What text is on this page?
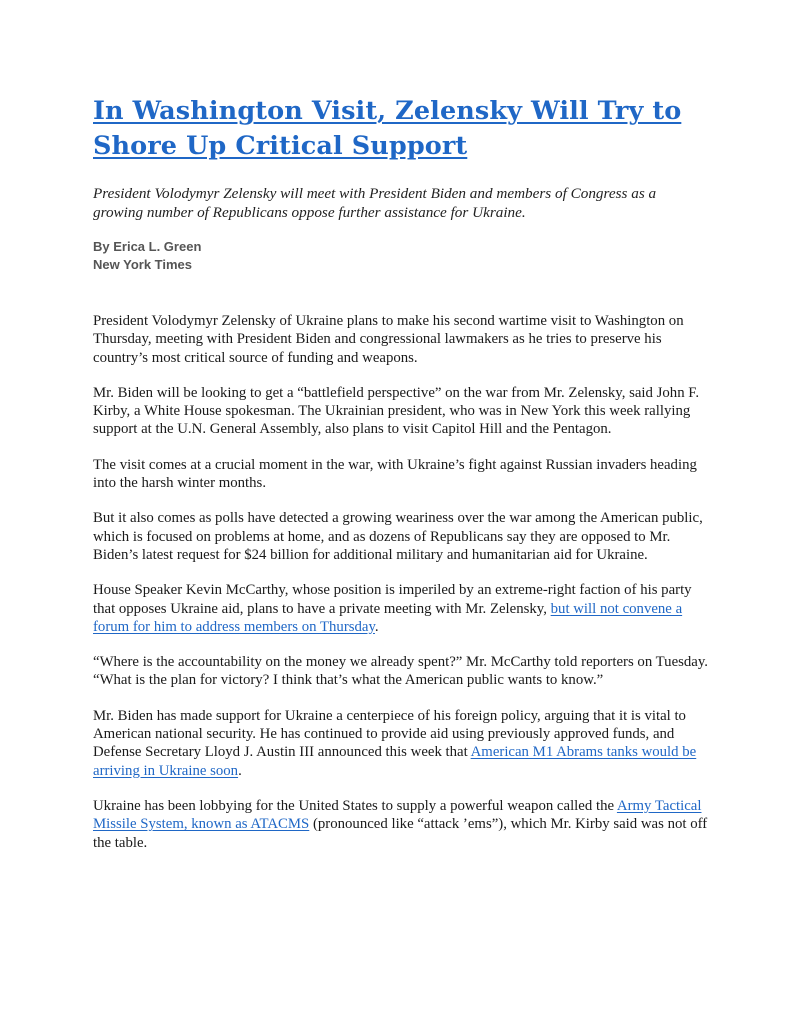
In Washington Visit, Zelensky Will Try to Shore Up Critical Support

President Volodymyr Zelensky will meet with President Biden and members of Congress as a growing number of Republicans oppose further assistance for Ukraine.

By Erica L. Green
New York Times

President Volodymyr Zelensky of Ukraine plans to make his second wartime visit to Washington on Thursday, meeting with President Biden and congressional lawmakers as he tries to preserve his country’s most critical source of funding and weapons.

Mr. Biden will be looking to get a “battlefield perspective” on the war from Mr. Zelensky, said John F. Kirby, a White House spokesman. The Ukrainian president, who was in New York this week rallying support at the U.N. General Assembly, also plans to visit Capitol Hill and the Pentagon.

The visit comes at a crucial moment in the war, with Ukraine’s fight against Russian invaders heading into the harsh winter months.

But it also comes as polls have detected a growing weariness over the war among the American public, which is focused on problems at home, and as dozens of Republicans say they are opposed to Mr. Biden’s latest request for $24 billion for additional military and humanitarian aid for Ukraine.

House Speaker Kevin McCarthy, whose position is imperiled by an extreme-right faction of his party that opposes Ukraine aid, plans to have a private meeting with Mr. Zelensky, but will not convene a forum for him to address members on Thursday.

“Where is the accountability on the money we already spent?” Mr. McCarthy told reporters on Tuesday. “What is the plan for victory? I think that’s what the American public wants to know.”

Mr. Biden has made support for Ukraine a centerpiece of his foreign policy, arguing that it is vital to American national security. He has continued to provide aid using previously approved funds, and Defense Secretary Lloyd J. Austin III announced this week that American M1 Abrams tanks would be arriving in Ukraine soon.

Ukraine has been lobbying for the United States to supply a powerful weapon called the Army Tactical Missile System, known as ATACMS (pronounced like “attack ’ems”), which Mr. Kirby said was not off the table.
